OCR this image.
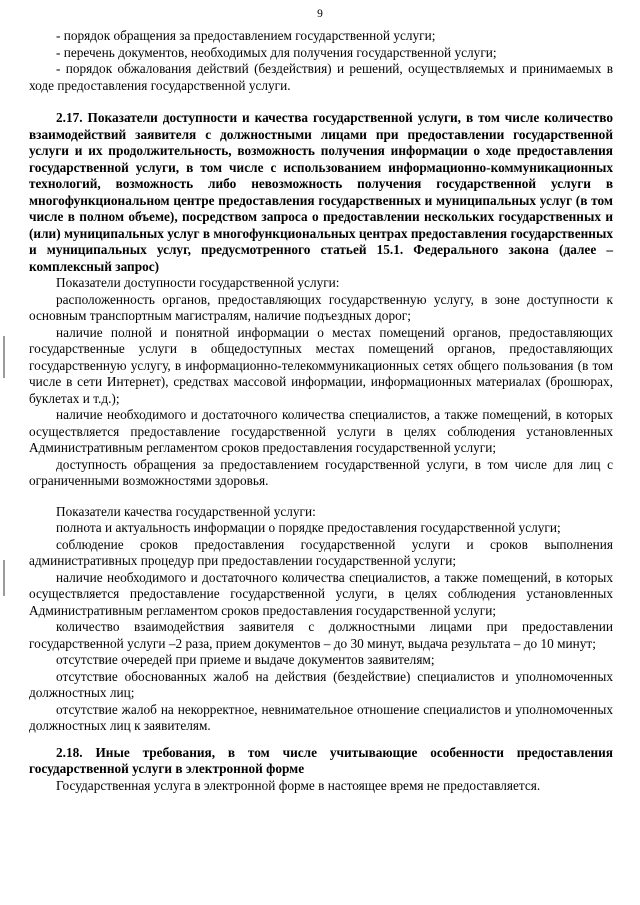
9

- порядок обращения за предоставлением государственной услуги;

- перечень документов, необходимых для получения государственной услуги;

- порядок обжалования действий (бездействия) и решений, осуществляемых и принимаемых в ходе предоставления государственной услуги.

2.17. Показатели доступности и качества государственной услуги, в том числе количество взаимодействий заявителя с должностными лицами при предоставлении государственной услуги и их продолжительность, возможность получения информации о ходе предоставления государственной услуги, в том числе с использованием информационно-коммуникационных технологий, возможность либо невозможность получения государственной услуги в многофункциональном центре предоставления государственных и муниципальных услуг (в том числе в полном объеме), посредством запроса о предоставлении нескольких государственных и (или) муниципальных услуг в многофункциональных центрах предоставления государственных и муниципальных услуг, предусмотренного статьей 15.1. Федерального закона (далее – комплексный запрос)

Показатели доступности государственной услуги:

расположенность органов, предоставляющих государственную услугу, в зоне доступности к основным транспортным магистралям, наличие подъездных дорог;

наличие полной и понятной информации о местах помещений органов, предоставляющих государственные услуги в общедоступных местах помещений органов, предоставляющих государственную услугу, в информационно-телекоммуникационных сетях общего пользования (в том числе в сети Интернет), средствах массовой информации, информационных материалах (брошюрах, буклетах и т.д.);

наличие необходимого и достаточного количества специалистов, а также помещений, в которых осуществляется предоставление государственной услуги в целях соблюдения установленных Административным регламентом сроков предоставления государственной услуги;

доступность обращения за предоставлением государственной услуги, в том числе для лиц с ограниченными возможностями здоровья.

Показатели качества государственной услуги:

полнота и актуальность информации о порядке предоставления государственной услуги;

соблюдение сроков предоставления государственной услуги и сроков выполнения административных процедур при предоставлении государственной услуги;

наличие необходимого и достаточного количества специалистов, а также помещений, в которых осуществляется предоставление государственной услуги, в целях соблюдения установленных Административным регламентом сроков предоставления государственной услуги;

количество взаимодействия заявителя с должностными лицами при предоставлении государственной услуги –2 раза, прием документов – до 30 минут, выдача результата – до 10 минут;

отсутствие очередей при приеме и выдаче документов заявителям;

отсутствие обоснованных жалоб на действия (бездействие) специалистов и уполномоченных должностных лиц;

отсутствие жалоб на некорректное, невнимательное отношение специалистов и уполномоченных должностных лиц к заявителям.

2.18. Иные требования, в том числе учитывающие особенности предоставления государственной услуги в электронной форме

Государственная услуга в электронной форме в настоящее время не предоставляется.
